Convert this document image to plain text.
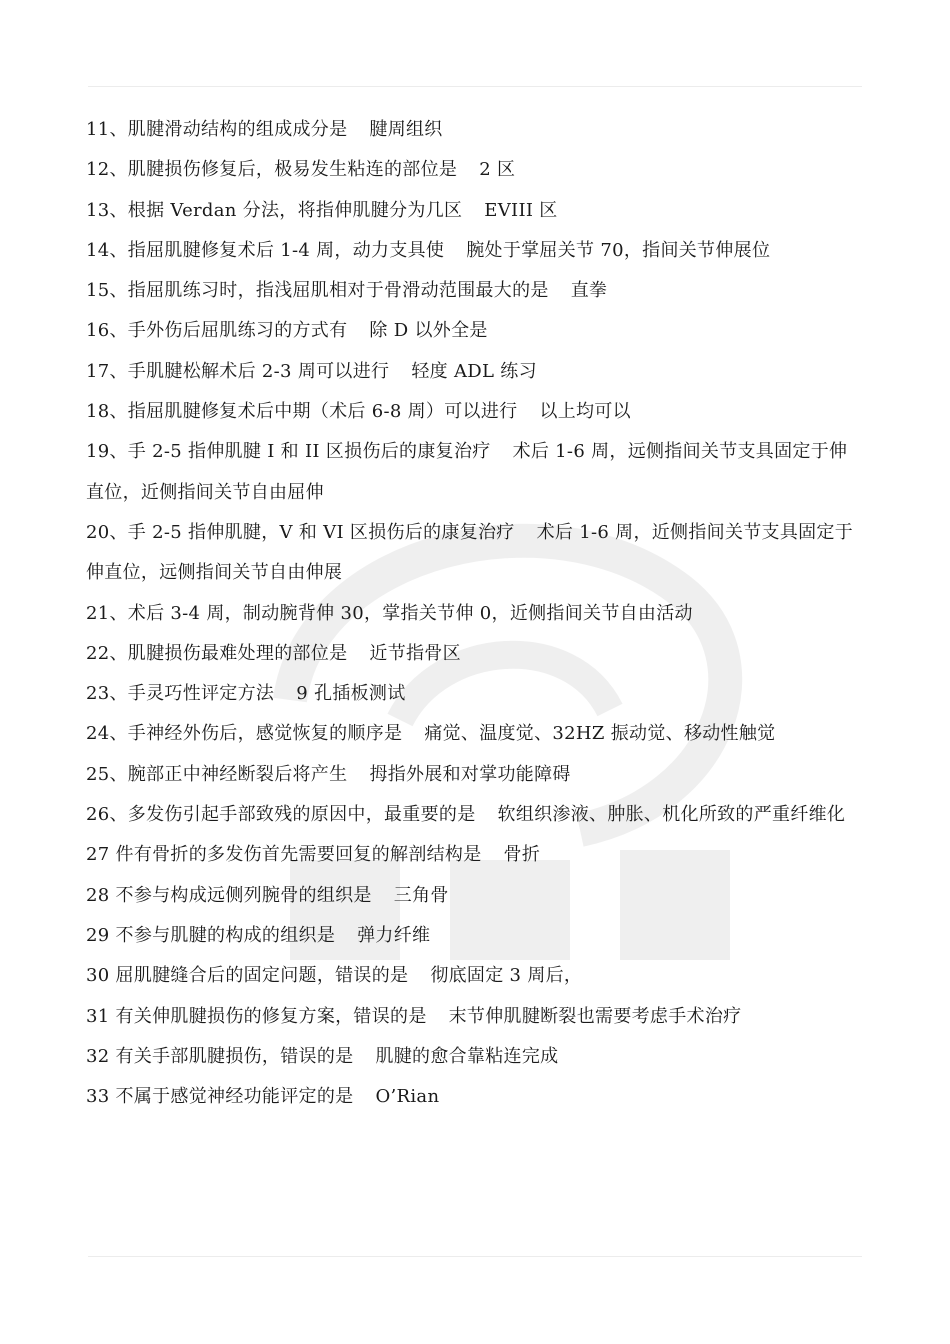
11、肌腱滑动结构的组成成分是 腱周组织
12、肌腱损伤修复后，极易发生粘连的部位是 2 区
13、根据 Verdan 分法，将指伸肌腱分为几区 EVIII 区
14、指屈肌腱修复术后 1-4 周，动力支具使 腕处于掌屈关节 70，指间关节伸展位
15、指屈肌练习时，指浅屈肌相对于骨滑动范围最大的是 直拳
16、手外伤后屈肌练习的方式有 除 D 以外全是
17、手肌腱松解术后 2-3 周可以进行 轻度 ADL 练习
18、指屈肌腱修复术后中期（术后 6-8 周）可以进行 以上均可以
19、手 2-5 指伸肌腱 I 和 II 区损伤后的康复治疗 术后 1-6 周，远侧指间关节支具固定于伸直位，近侧指间关节自由屈伸
20、手 2-5 指伸肌腱，V 和 VI 区损伤后的康复治疗 术后 1-6 周，近侧指间关节支具固定于伸直位，远侧指间关节自由伸展
21、术后 3-4 周，制动腕背伸 30，掌指关节伸 0，近侧指间关节自由活动
22、肌腱损伤最难处理的部位是 近节指骨区
23、手灵巧性评定方法 9 孔插板测试
24、手神经外伤后，感觉恢复的顺序是 痛觉、温度觉、32HZ 振动觉、移动性触觉
25、腕部正中神经断裂后将产生 拇指外展和对掌功能障碍
26、多发伤引起手部致残的原因中，最重要的是 软组织渗液、肿胀、机化所致的严重纤维化
27 件有骨折的多发伤首先需要回复的解剖结构是 骨折
28 不参与构成远侧列腕骨的组织是 三角骨
29 不参与肌腱的构成的组织是 弹力纤维
30 屈肌腱缝合后的固定问题，错误的是 彻底固定 3 周后，
31 有关伸肌腱损伤的修复方案，错误的是 末节伸肌腱断裂也需要考虑手术治疗
32 有关手部肌腱损伤，错误的是 肌腱的愈合靠粘连完成
33 不属于感觉神经功能评定的是 O’Rian
